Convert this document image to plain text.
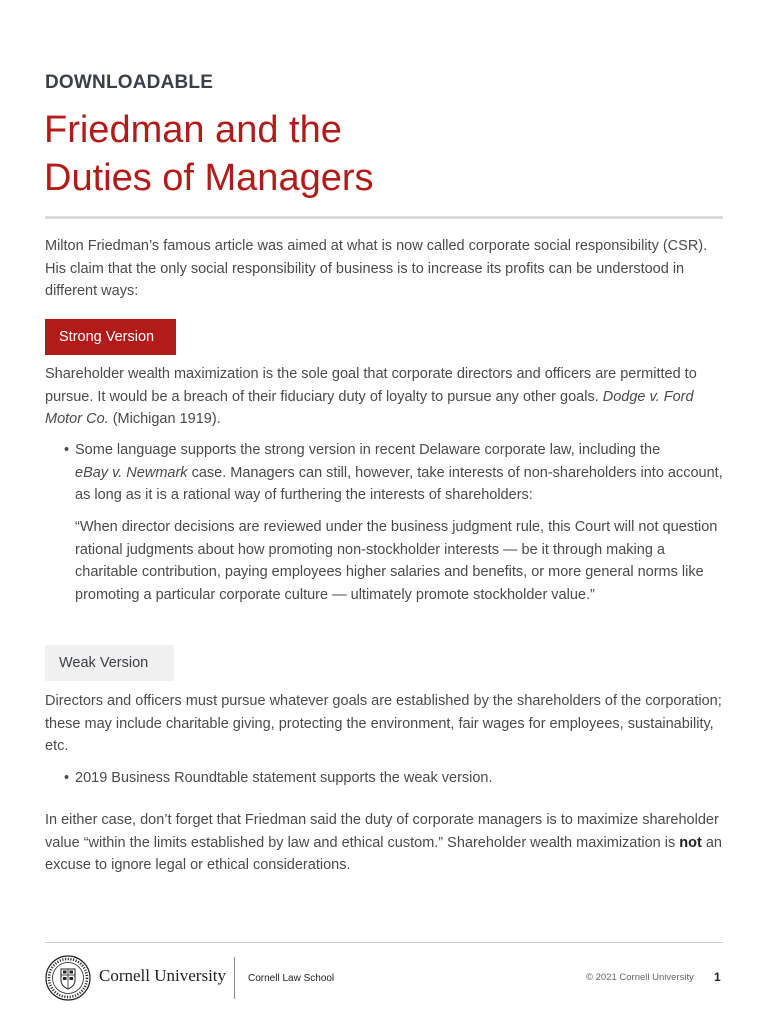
DOWNLOADABLE
Friedman and the
Duties of Managers

Milton Friedman’s famous article was aimed at what is now called corporate social responsibility (CSR). His claim that the only social responsibility of business is to increase its profits can be understood in different ways:

Strong Version

Shareholder wealth maximization is the sole goal that corporate directors and officers are permitted to pursue. It would be a breach of their fiduciary duty of loyalty to pursue any other goals. Dodge v. Ford Motor Co. (Michigan 1919).

• Some language supports the strong version in recent Delaware corporate law, including the
eBay v. Newmark case. Managers can still, however, take interests of non-shareholders into account, as long as it is a rational way of furthering the interests of shareholders:

“When director decisions are reviewed under the business judgment rule, this Court will not question rational judgments about how promoting non-stockholder interests — be it through making a charitable contribution, paying employees higher salaries and benefits, or more general norms like promoting a particular corporate culture — ultimately promote stockholder value.”

Weak Version

Directors and officers must pursue whatever goals are established by the shareholders of the corporation; these may include charitable giving, protecting the environment, fair wages for employees, sustainability, etc.

• 2019 Business Roundtable statement supports the weak version.

In either case, don’t forget that Friedman said the duty of corporate managers is to maximize shareholder value “within the limits established by law and ethical custom.” Shareholder wealth maximization is not an excuse to ignore legal or ethical considerations.

Cornell University Cornell Law School	© 2021 Cornell University 1
